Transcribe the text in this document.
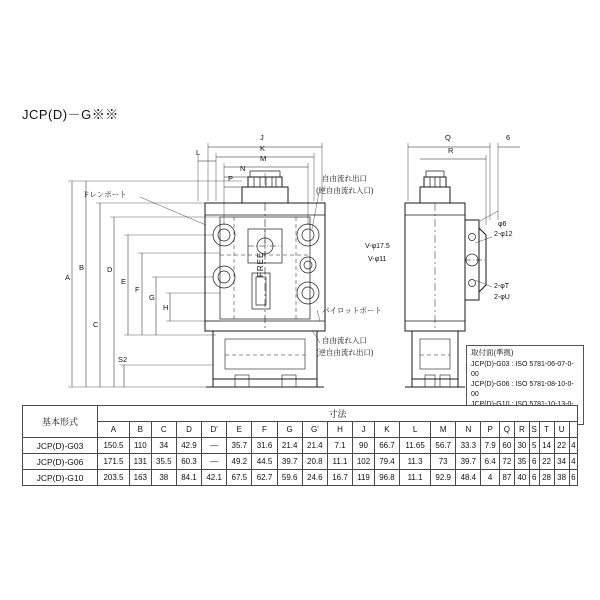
JCP(D)－G※※
J
K
M
L
N
P
A
B
C
D
E
F
G
H
S2
Q
R
6
自由流れ出口
(逆自由流れ入口)
パイロットポート
自由流れ入口
(逆自由流れ出口)
ドレンポート
FREE
V-φ17.5
V-φ11
φ6
2-φ12
2-φT
2-φU
取付面(準拠)
JCP(D)-G03 : ISO 5781-06-07-0-00
JCP(D)-G06 : ISO 5781-08-10-0-00
基本形式	寸法																					
	A	B	C	D	D'	E	F	G	G'	H	J	K	L	M	N	P	Q	R	S	T	U	
JCP(D)-G03	150.5	110	34	42.9	—	35.7	31.6	21.4	21.4	7.1	90	66.7	11.65	56.7	33.3	7.9	60	30	5	14	22	4
JCP(D)-G06	171.5	131	35.5	60.3	—	49.2	44.5	39.7	20.8	11.1	102	79.4	11.3	73	39.7	6.4	72	35	6	22	34	4
JCP(D)-G10	203.5	163	38	84.1	42.1	67.5	62.7	59.6	24.6	16.7	119	96.8	11.1	92.9	48.4	4	87	40	6	28	38	6
